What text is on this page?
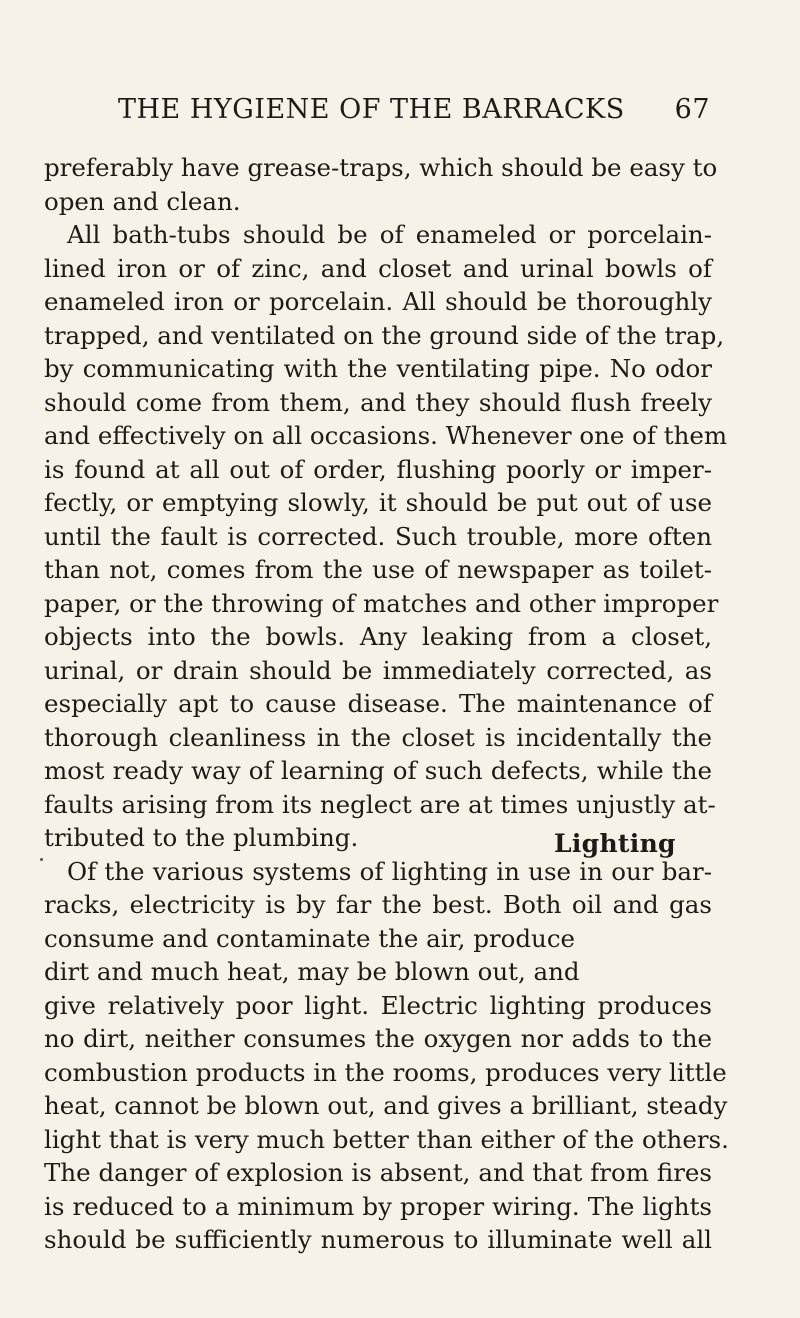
THE HYGIENE OF THE BARRACKS 67
preferably have grease-traps, which should be easy to
open and clean.
All bath-tubs should be of enameled or porcelain-
lined iron or of zinc, and closet and urinal bowls of
enameled iron or porcelain. All should be thoroughly
trapped, and ventilated on the ground side of the trap,
by communicating with the ventilating pipe. No odor
should come from them, and they should flush freely
and effectively on all occasions. Whenever one of them
is found at all out of order, flushing poorly or imper-
fectly, or emptying slowly, it should be put out of use
until the fault is corrected. Such trouble, more often
than not, comes from the use of newspaper as toilet-
paper, or the throwing of matches and other improper
objects into the bowls. Any leaking from a closet,
urinal, or drain should be immediately corrected, as
especially apt to cause disease. The maintenance of
thorough cleanliness in the closet is incidentally the
most ready way of learning of such defects, while the
faults arising from its neglect are at times unjustly at-
tributed to the plumbing.
Of the various systems of lighting in use in our bar-
racks, electricity is by far the best. Both oil and gas
consume and contaminate the air, produce
dirt and much heat, may be blown out, and
give relatively poor light. Electric lighting produces
no dirt, neither consumes the oxygen nor adds to the
combustion products in the rooms, produces very little
heat, cannot be blown out, and gives a brilliant, steady
light that is very much better than either of the others.
The danger of explosion is absent, and that from fires
is reduced to a minimum by proper wiring. The lights
should be sufficiently numerous to illuminate well all
Lighting
